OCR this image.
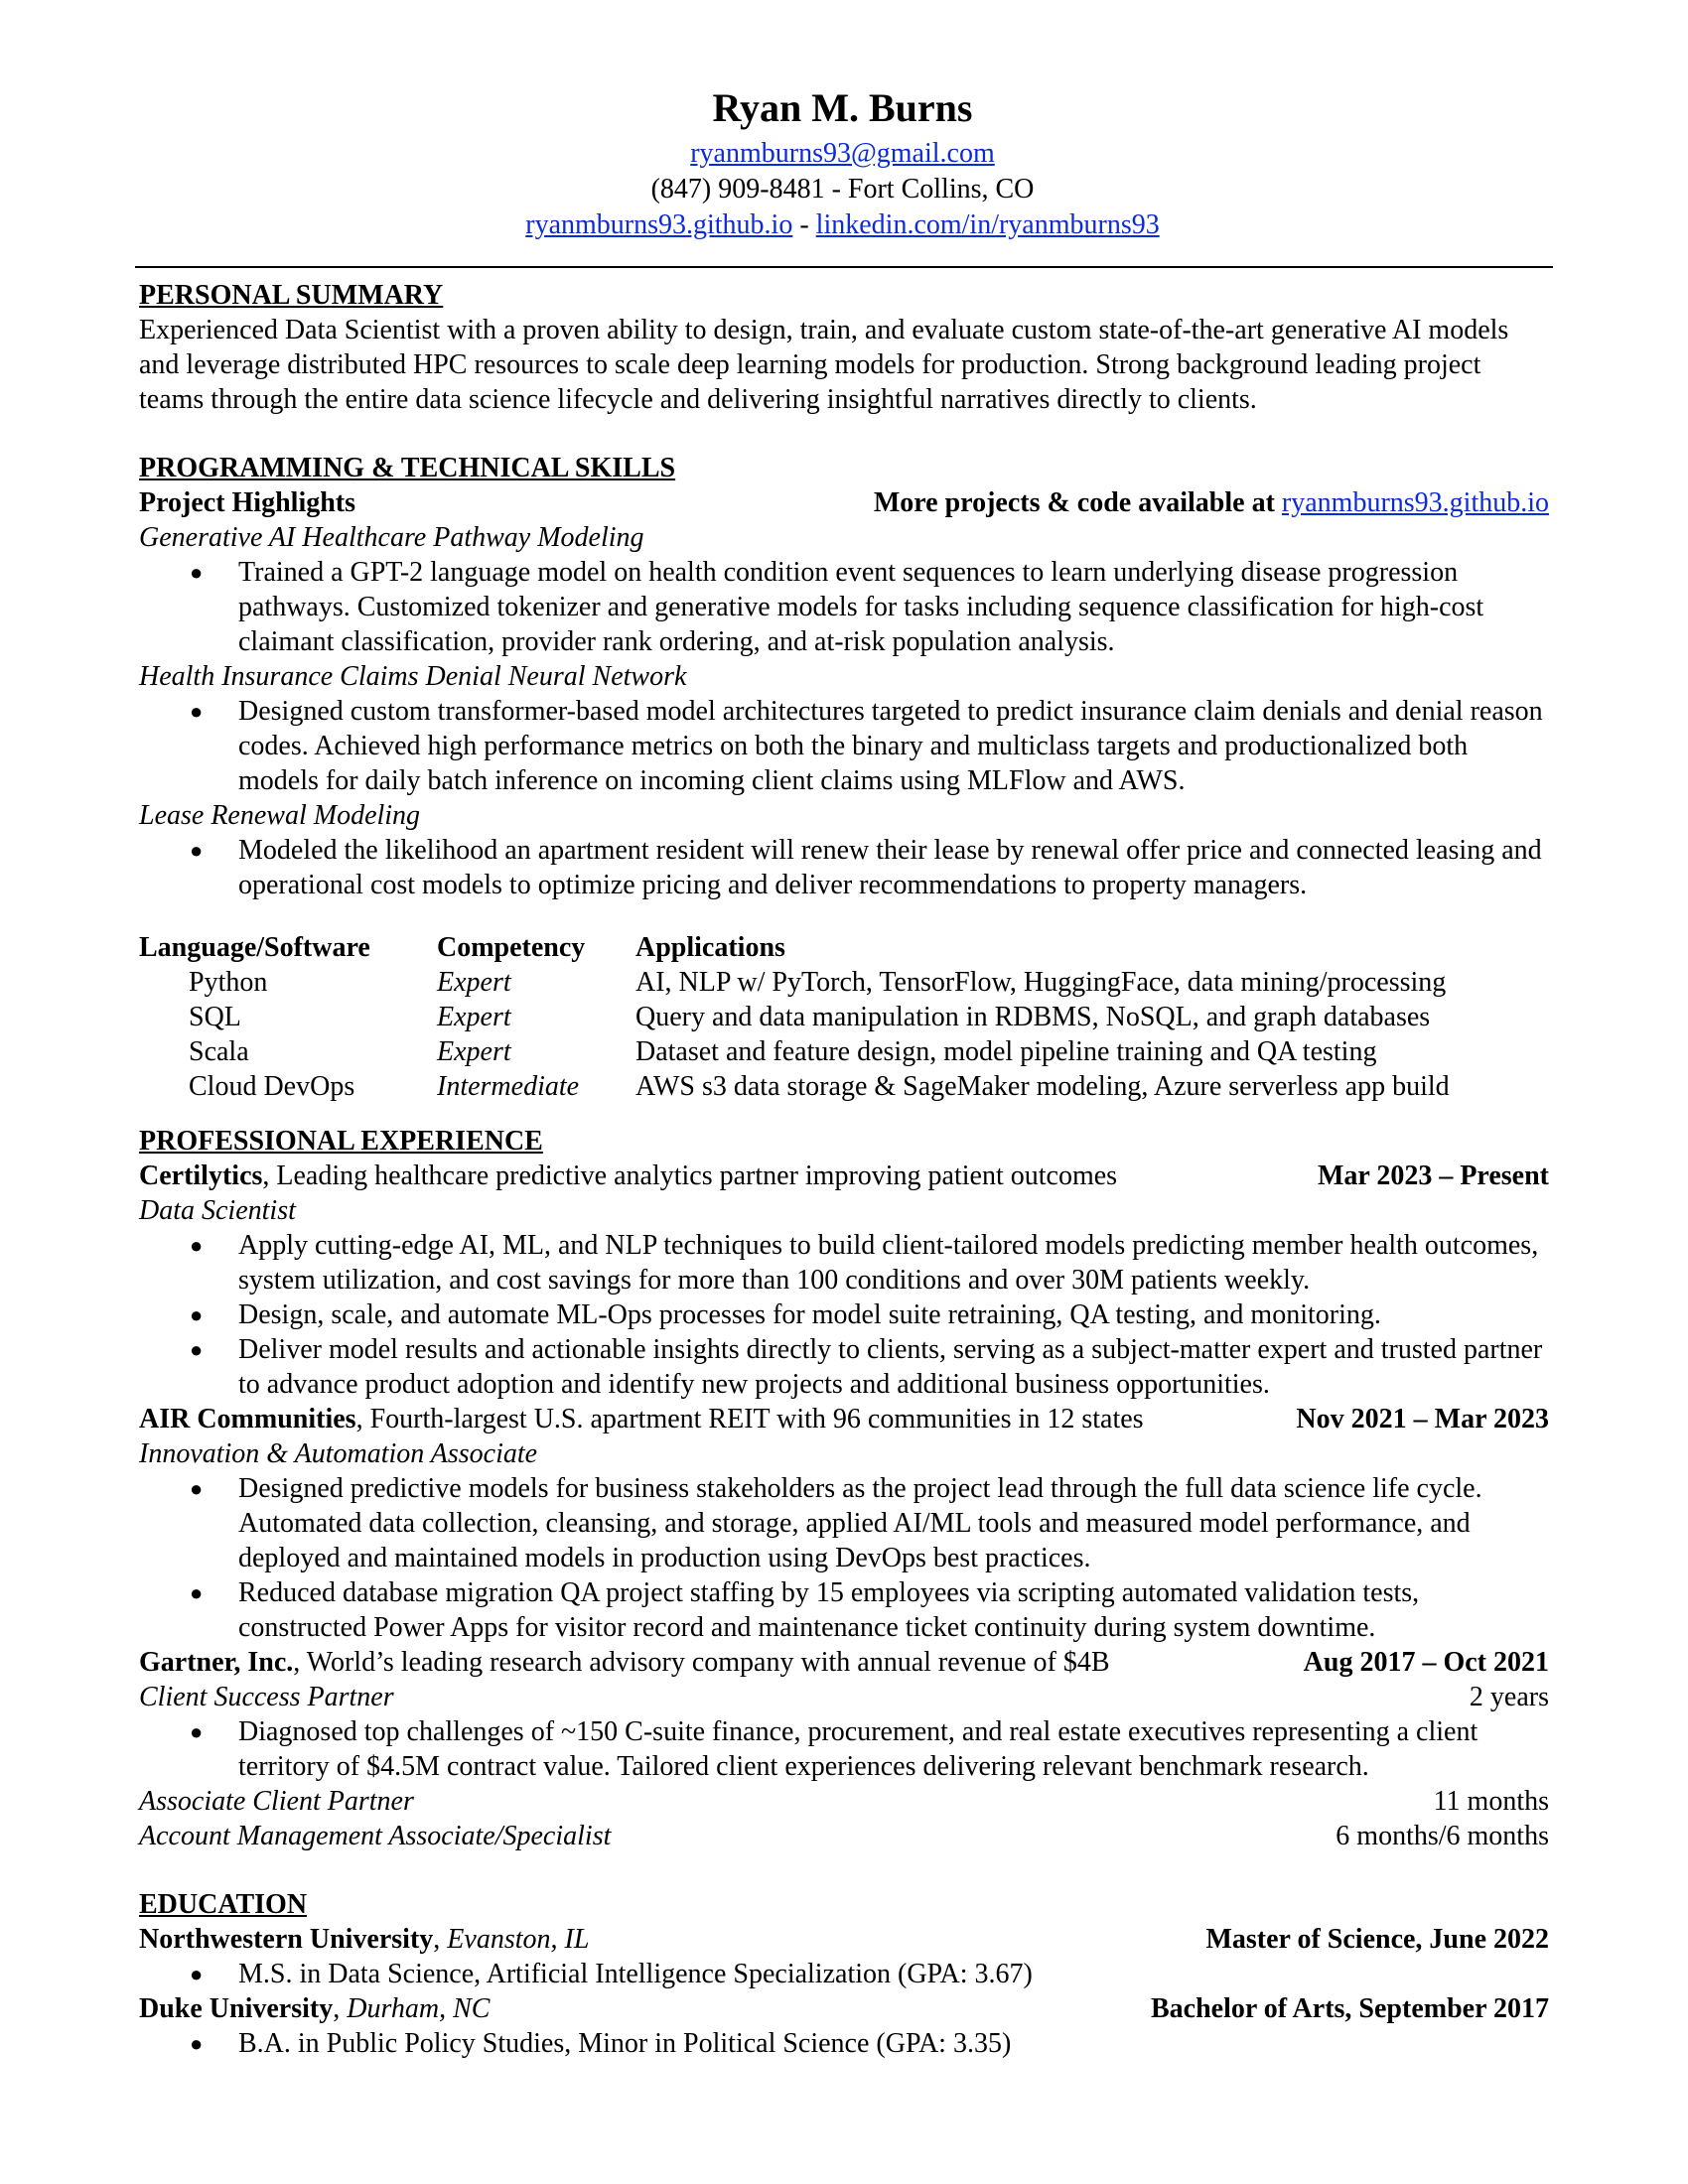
Ryan M. Burns
ryanmburns93@gmail.com
(847) 909-8481 - Fort Collins, CO
ryanmburns93.github.io - linkedin.com/in/ryanmburns93
PERSONAL SUMMARY

Experienced Data Scientist with a proven ability to design, train, and evaluate custom state-of-the-art generative AI models and leverage distributed HPC resources to scale deep learning models for production. Strong background leading project teams through the entire data science lifecycle and delivering insightful narratives directly to clients.

PROGRAMMING & TECHNICAL SKILLS
Project Highlights	More projects & code available at ryanmburns93.github.io
Generative AI Healthcare Pathway Modeling
● Trained a GPT-2 language model on health condition event sequences to learn underlying disease progression pathways. Customized tokenizer and generative models for tasks including sequence classification for high-cost claimant classification, provider rank ordering, and at-risk population analysis.
Health Insurance Claims Denial Neural Network
● Designed custom transformer-based model architectures targeted to predict insurance claim denials and denial reason codes. Achieved high performance metrics on both the binary and multiclass targets and productionalized both models for daily batch inference on incoming client claims using MLFlow and AWS.
Lease Renewal Modeling
● Modeled the likelihood an apartment resident will renew their lease by renewal offer price and connected leasing and operational cost models to optimize pricing and deliver recommendations to property managers.
Language/Software	Competency	Applications
Python	Expert	AI, NLP w/ PyTorch, TensorFlow, HuggingFace, data mining/processing
SQL	Expert	Query and data manipulation in RDBMS, NoSQL, and graph databases
Scala	Expert	Dataset and feature design, model pipeline training and QA testing
Cloud DevOps	Intermediate	AWS s3 data storage & SageMaker modeling, Azure serverless app build
PROFESSIONAL EXPERIENCE
Certilytics, Leading healthcare predictive analytics partner improving patient outcomes	Mar 2023 – Present
Data Scientist
● Apply cutting-edge AI, ML, and NLP techniques to build client-tailored models predicting member health outcomes, system utilization, and cost savings for more than 100 conditions and over 30M patients weekly.
● Design, scale, and automate ML-Ops processes for model suite retraining, QA testing, and monitoring.
● Deliver model results and actionable insights directly to clients, serving as a subject-matter expert and trusted partner to advance product adoption and identify new projects and additional business opportunities.
AIR Communities, Fourth-largest U.S. apartment REIT with 96 communities in 12 states	Nov 2021 – Mar 2023
Innovation & Automation Associate
● Designed predictive models for business stakeholders as the project lead through the full data science life cycle. Automated data collection, cleansing, and storage, applied AI/ML tools and measured model performance, and deployed and maintained models in production using DevOps best practices.
● Reduced database migration QA project staffing by 15 employees via scripting automated validation tests, constructed Power Apps for visitor record and maintenance ticket continuity during system downtime.
Gartner, Inc., World’s leading research advisory company with annual revenue of $4B	Aug 2017 – Oct 2021
Client Success Partner	2 years
● Diagnosed top challenges of ~150 C-suite finance, procurement, and real estate executives representing a client territory of $4.5M contract value. Tailored client experiences delivering relevant benchmark research.
Associate Client Partner	11 months
Account Management Associate/Specialist	6 months/6 months
EDUCATION
Northwestern University, Evanston, IL	Master of Science, June 2022
● M.S. in Data Science, Artificial Intelligence Specialization (GPA: 3.67)
Duke University, Durham, NC	Bachelor of Arts, September 2017
● B.A. in Public Policy Studies, Minor in Political Science (GPA: 3.35)
